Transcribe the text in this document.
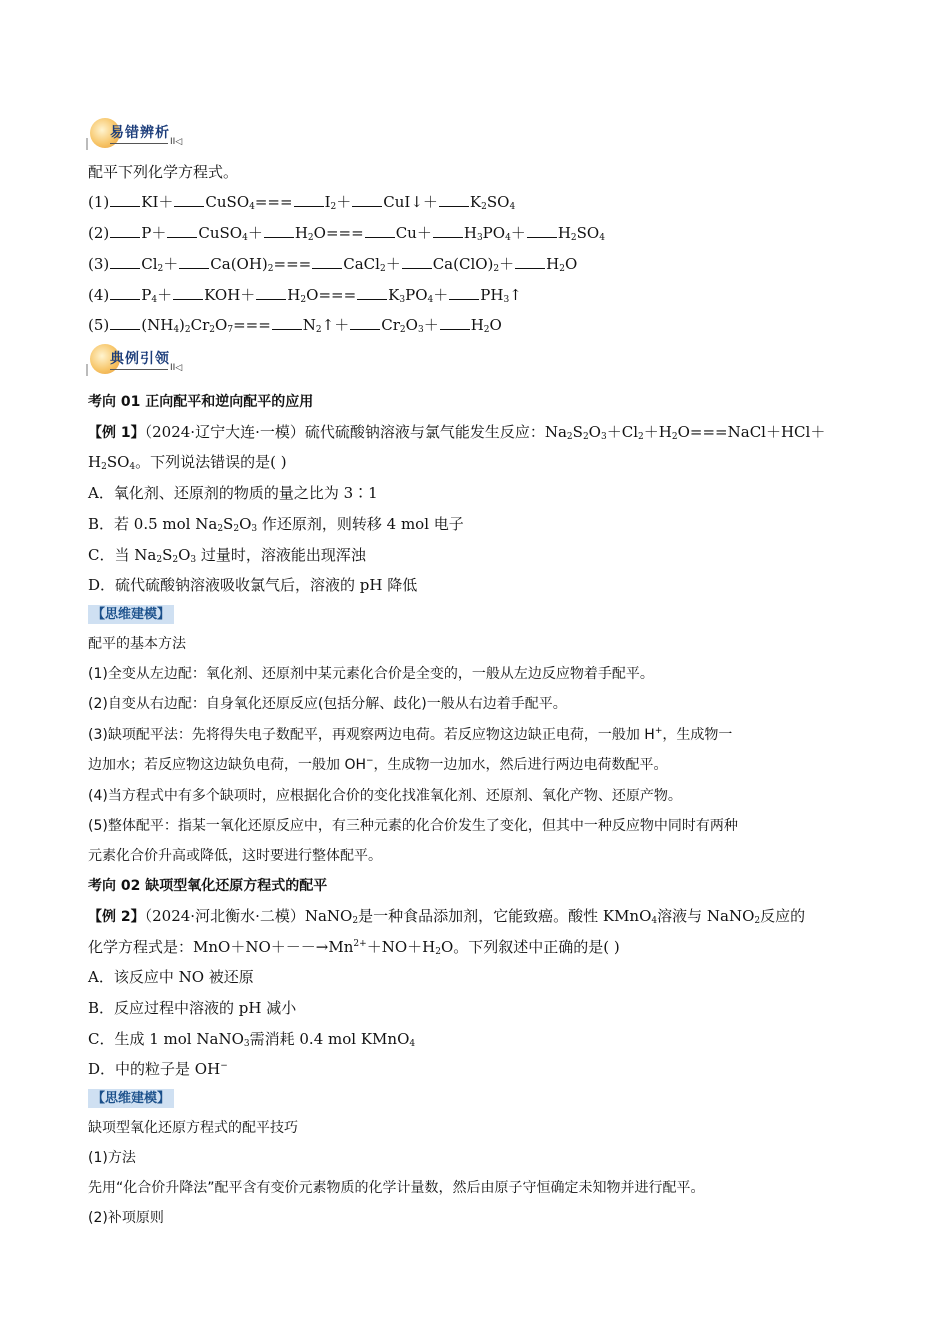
易错辨析
II◁
配平下列化学方程式。
(1) KI＋ CuSO$_4$=== $I_2+$ CuI↓＋ $K_2SO_4$
(2) P＋ CuSO$_4$＋ $H_2O=== Cu+ H_3PO_4+ H_2SO_4$
(3) $Cl_2+ Ca(OH)_2===$ CaCl$_2$＋ $Ca(ClO)_2+ H_2O$
(4) $P_4+ KOH+ H_2O=== K_3PO_4+$ $PH_3↑$
(5) $(NH_4)_2Cr_2O_7===$ $N_2↑+ Cr_2O_3+ H_2O$
典例引领
II◁
考向 01 正向配平和逆向配平的应用
【例 1】（2024·辽宁大连·一模）硫代硫酸钠溶液与氯气能发生反应：$Na_2S_2O_3+Cl_2+H_2O===NaCl+HCl+$
$H_2SO_4$。下列说法错误的是( )
A．氧化剂、还原剂的物质的量之比为 3∶1
B．若 0.5 mol $Na_2S_2O_3$ 作还原剂，则转移 4 mol 电子
C．当 $Na_2S_2O_3$ 过量时，溶液能出现浑浊
D．硫代硫酸钠溶液吸收氯气后，溶液的 pH 降低
【思维建模】
配平的基本方法
(1)全变从左边配：氧化剂、还原剂中某元素化合价是全变的，一般从左边反应物着手配平。
(2)自变从右边配：自身氧化还原反应(包括分解、歧化)一般从右边着手配平。
(3)缺项配平法：先将得失电子数配平，再观察两边电荷。若反应物这边缺正电荷，一般加 H+，生成物一
边加水；若反应物这边缺负电荷，一般加 OH−，生成物一边加水，然后进行两边电荷数配平。
(4)当方程式中有多个缺项时，应根据化合价的变化找准氧化剂、还原剂、氧化产物、还原产物。
(5)整体配平：指某一氧化还原反应中，有三种元素的化合价发生了变化，但其中一种反应物中同时有两种
元素化合价升高或降低，这时要进行整体配平。
考向 02 缺项型氧化还原方程式的配平
【例 2】（2024·河北衡水·二模）NaNO$_2$是一种食品添加剂，它能致癌。酸性 KMnO$_4$溶液与 NaNO$_2$反应的
化学方程式是：$MnO+NO+--\to Mn^{2+}+NO+H_2O$。下列叙述中正确的是( )
A．该反应中 NO 被还原
B．反应过程中溶液的 pH 减小
C．生成 1 mol NaNO$_3$需消耗 0.4 mol KMnO$_4$
D．中的粒子是 OH−
【思维建模】
缺项型氧化还原方程式的配平技巧
(1)方法
先用“化合价升降法”配平含有变价元素物质的化学计量数，然后由原子守恒确定未知物并进行配平。
(2)补项原则
